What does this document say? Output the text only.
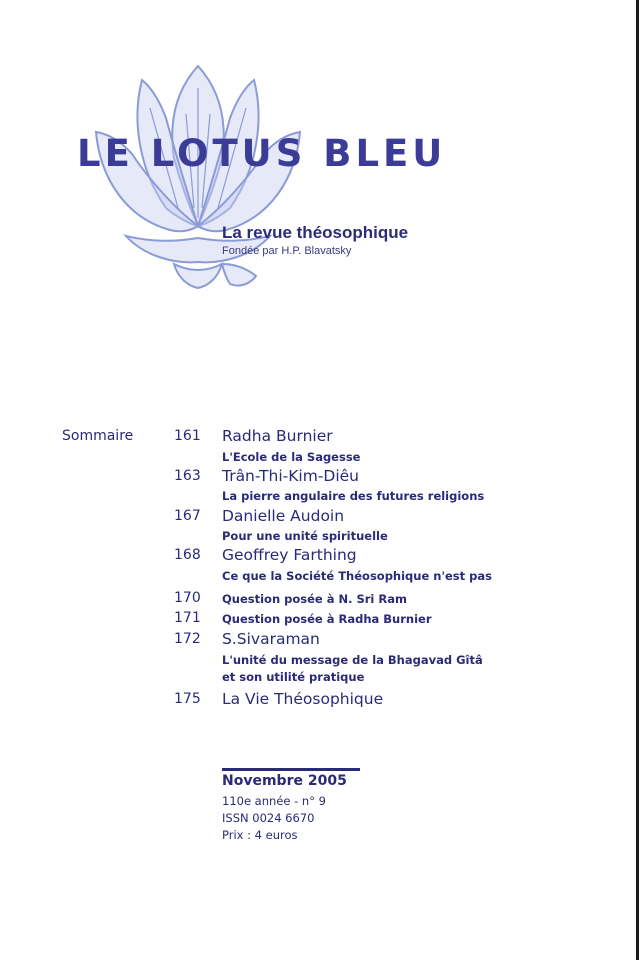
LE LOTUS BLEU
La revue théosophique
Fondée par H.P. Blavatsky
Sommaire	161 Radha Burnier
L'Ecole de la Sagesse
163 Trân-Thi-Kim-Diêu
La pierre angulaire des futures religions
167 Danielle Audoin
Pour une unité spirituelle
168 Geoffrey Farthing
Ce que la Société Théosophique n'est pas
170 Question posée à N. Sri Ram
171 Question posée à Radha Burnier
172 S.Sivaraman
L'unité du message de la Bhagavad Gîtâ
et son utilité pratique
175 La Vie Théosophique
Novembre 2005
110e année - n° 9
ISSN 0024 6670
Prix : 4 euros
